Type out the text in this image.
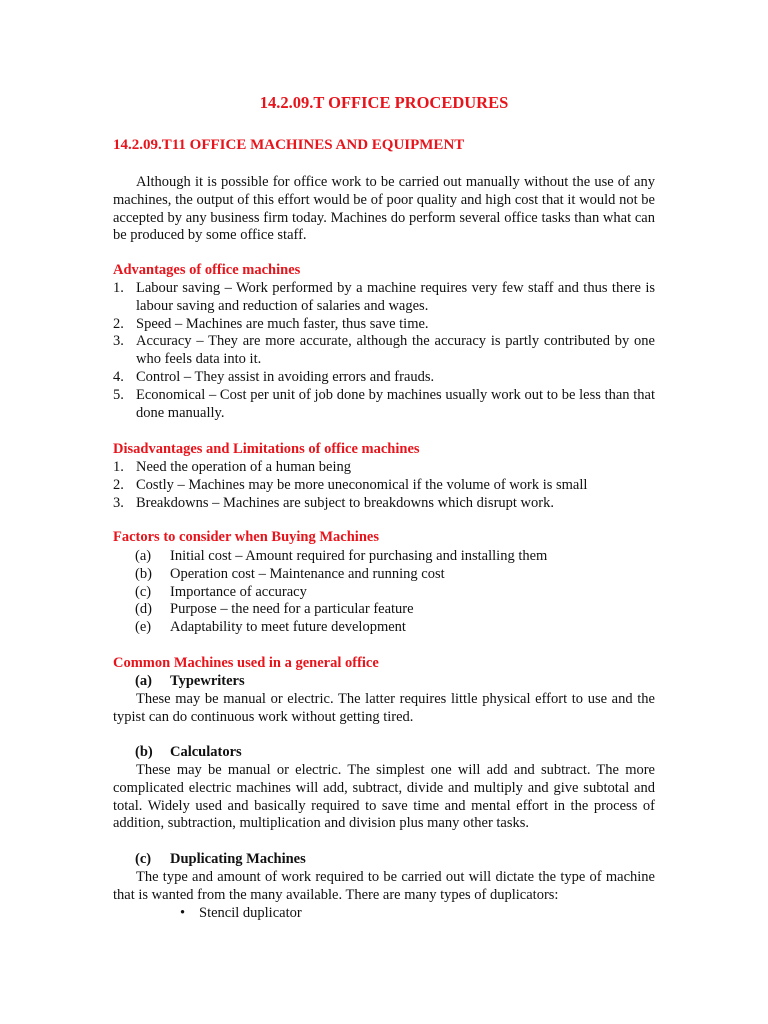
14.2.09.T OFFICE PROCEDURES
14.2.09.T11 OFFICE MACHINES AND EQUIPMENT

Although it is possible for office work to be carried out manually without the use of any machines, the output of this effort would be of poor quality and high cost that it would not be accepted by any business firm today. Machines do perform several office tasks than what can be produced by some office staff.

Advantages of office machines
1. Labour saving – Work performed by a machine requires very few staff and thus there is labour saving and reduction of salaries and wages.
2. Speed – Machines are much faster, thus save time.
3. Accuracy – They are more accurate, although the accuracy is partly contributed by one who feels data into it.
4. Control – They assist in avoiding errors and frauds.
5. Economical – Cost per unit of job done by machines usually work out to be less than that done manually.
Disadvantages and Limitations of office machines
1. Need the operation of a human being
2. Costly – Machines may be more uneconomical if the volume of work is small
3. Breakdowns – Machines are subject to breakdowns which disrupt work.
Factors to consider when Buying Machines
(a) Initial cost – Amount required for purchasing and installing them
(b) Operation cost – Maintenance and running cost
(c) Importance of accuracy
(d) Purpose – the need for a particular feature
(e) Adaptability to meet future development
Common Machines used in a general office
(a) Typewriters

These may be manual or electric. The latter requires little physical effort to use and the typist can do continuous work without getting tired.

(b) Calculators

These may be manual or electric. The simplest one will add and subtract. The more complicated electric machines will add, subtract, divide and multiply and give subtotal and total. Widely used and basically required to save time and mental effort in the process of addition, subtraction, multiplication and division plus many other tasks.

(c) Duplicating Machines

The type and amount of work required to be carried out will dictate the type of machine that is wanted from the many available. There are many types of duplicators:

• Stencil duplicator
